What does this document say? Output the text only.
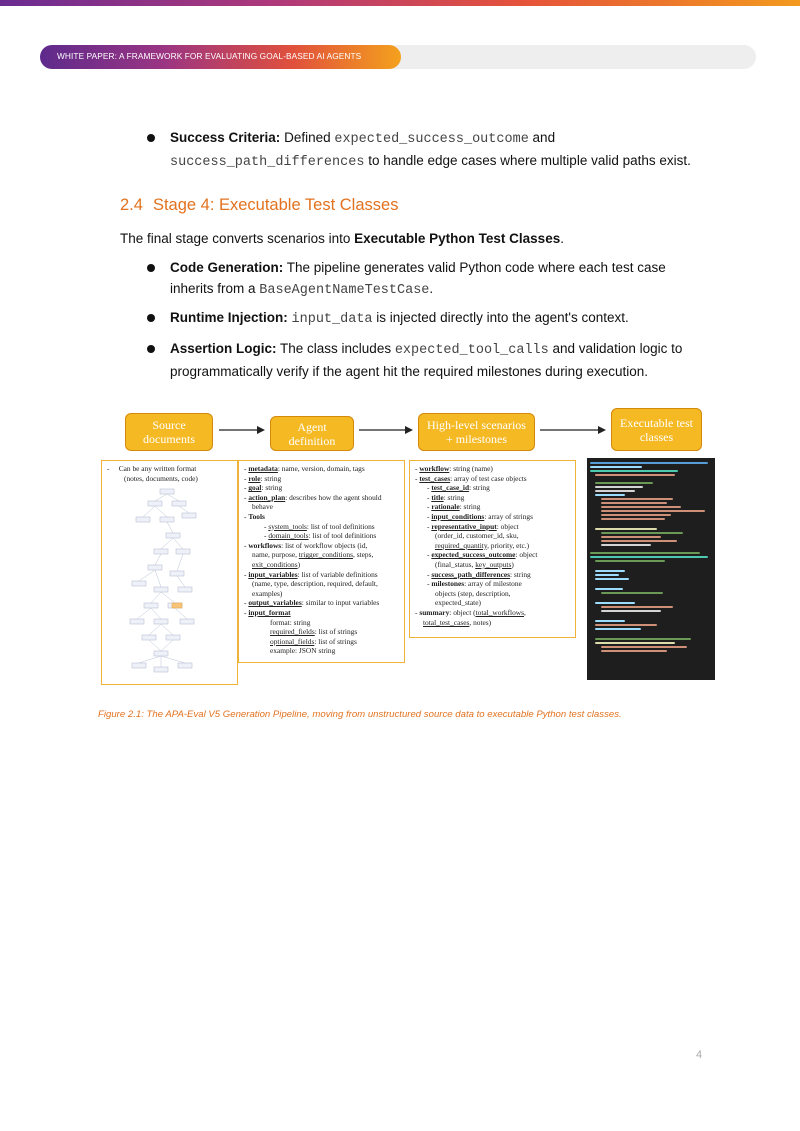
WHITE PAPER: A FRAMEWORK FOR EVALUATING GOAL-BASED AI AGENTS
Success Criteria: Defined expected_success_outcome and
success_path_differences to handle edge cases where multiple valid paths exist.
2.4 Stage 4: Executable Test Classes
The final stage converts scenarios into Executable Python Test Classes.
Code Generation: The pipeline generates valid Python code where each test case
inherits from a BaseAgentNameTestCase.
Runtime Injection: input_data is injected directly into the agent's context.
Assertion Logic: The class includes expected_tool_calls and validation logic to
programmatically verify if the agent hit the required milestones during execution.
Source
documents
Agent
definition
High-level scenarios
+ milestones
Executable test
classes
-     Can be any written format
(notes, documents, code)
- metadata: name, version, domain, tags
- role: string
- goal: string
- action_plan: describes how the agent should
behave
- Tools
- system_tools: list of tool definitions
- domain_tools: list of tool definitions
- workflows: list of workflow objects (id,
name, purpose, trigger_conditions, steps,
exit_conditions)
- input_variables: list of variable definitions
(name, type, description, required, default,
examples)
- output_variables: similar to input variables
- input_format
format: string
required_fields: list of strings
optional_fields: list of strings
example: JSON string
- workflow: string (name)
- test_cases: array of test case objects
- test_case_id: string
- title: string
- rationale: string
- input_conditions: array of strings
- representative_input: object
(order_id, customer_id, sku,
required_quantity, priority, etc.)
- expected_success_outcome: object
(final_status, key_outputs)
- success_path_differences: string
- milestones: array of milestone
objects (step, description,
expected_state)
- summary: object (total_workflows,
total_test_cases, notes)
Figure 2.1: The APA-Eval V5 Generation Pipeline, moving from unstructured source data to executable Python test classes.
4
